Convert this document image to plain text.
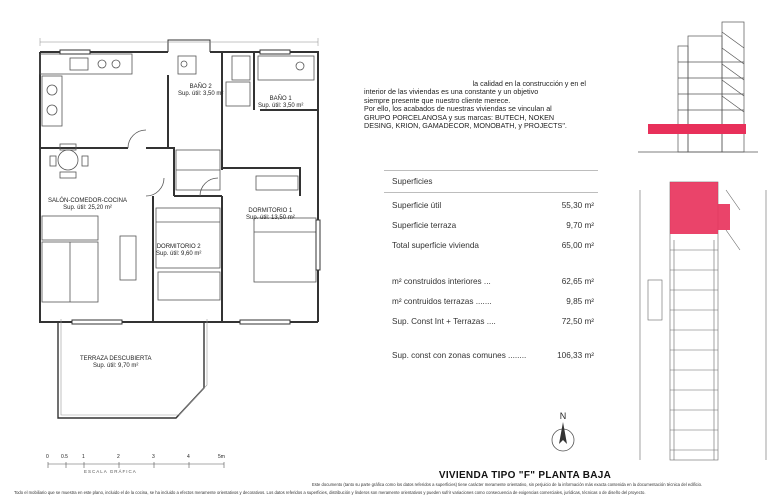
BAÑO 2
Sup. útil: 3,50 m²
BAÑO 1
Sup. útil: 3,50 m²
SALÓN-COMEDOR-COCINA
Sup. útil: 25,20 m²	DORMITORIO 1
Sup. útil: 13,50 m²
DORMITORIO 2
Sup. útil: 9,60 m²
TERRAZA DESCUBIERTA
Sup. útil: 9,70 m²

la calidad en la construcción y en el

interior de las viviendas es una constante y un objetivo

siempre presente que nuestro cliente merece.

Por ello, los acabados de nuestras viviendas se vinculan al

GRUPO PORCELANOSA y sus marcas: BUTECH, NOKEN

DESING, KRION, GAMADECOR, MONOBATH, y PROJECTS".

Superficies
Superficie útil	55,30 m²
Superficie terraza	9,70 m²
Total superficie vivienda	65,00 m²
m² construidos interiores ...	62,65 m²
m² contruidos terrazas .......	9,85 m²
Sup. Const Int + Terrazas ....	72,50 m²
Sup. const con zonas comunes ........	106,33 m²
N
0 0.5	1	2	3	4	5m
ESCALA GRÁFICA	VIVIENDA TIPO "F" PLANTA BAJA
Este documento (tanto su parte gráfica como los datos referidos a superficies) tiene carácter meramente orientativo, sin perjuicio de la información más exacta contenida en la documentación técnica del edificio.
Todo el mobiliario que se muestra en este plano, incluido el de la cocina, se ha incluido a efectos meramente orientativos y decorativos. Los datos referidos a superficies, distribución y linderos son meramente orientativos y pueden sufrir variaciones como consecuencia de exigencias comerciales, jurídicas, técnicas o de diseño del proyecto.
